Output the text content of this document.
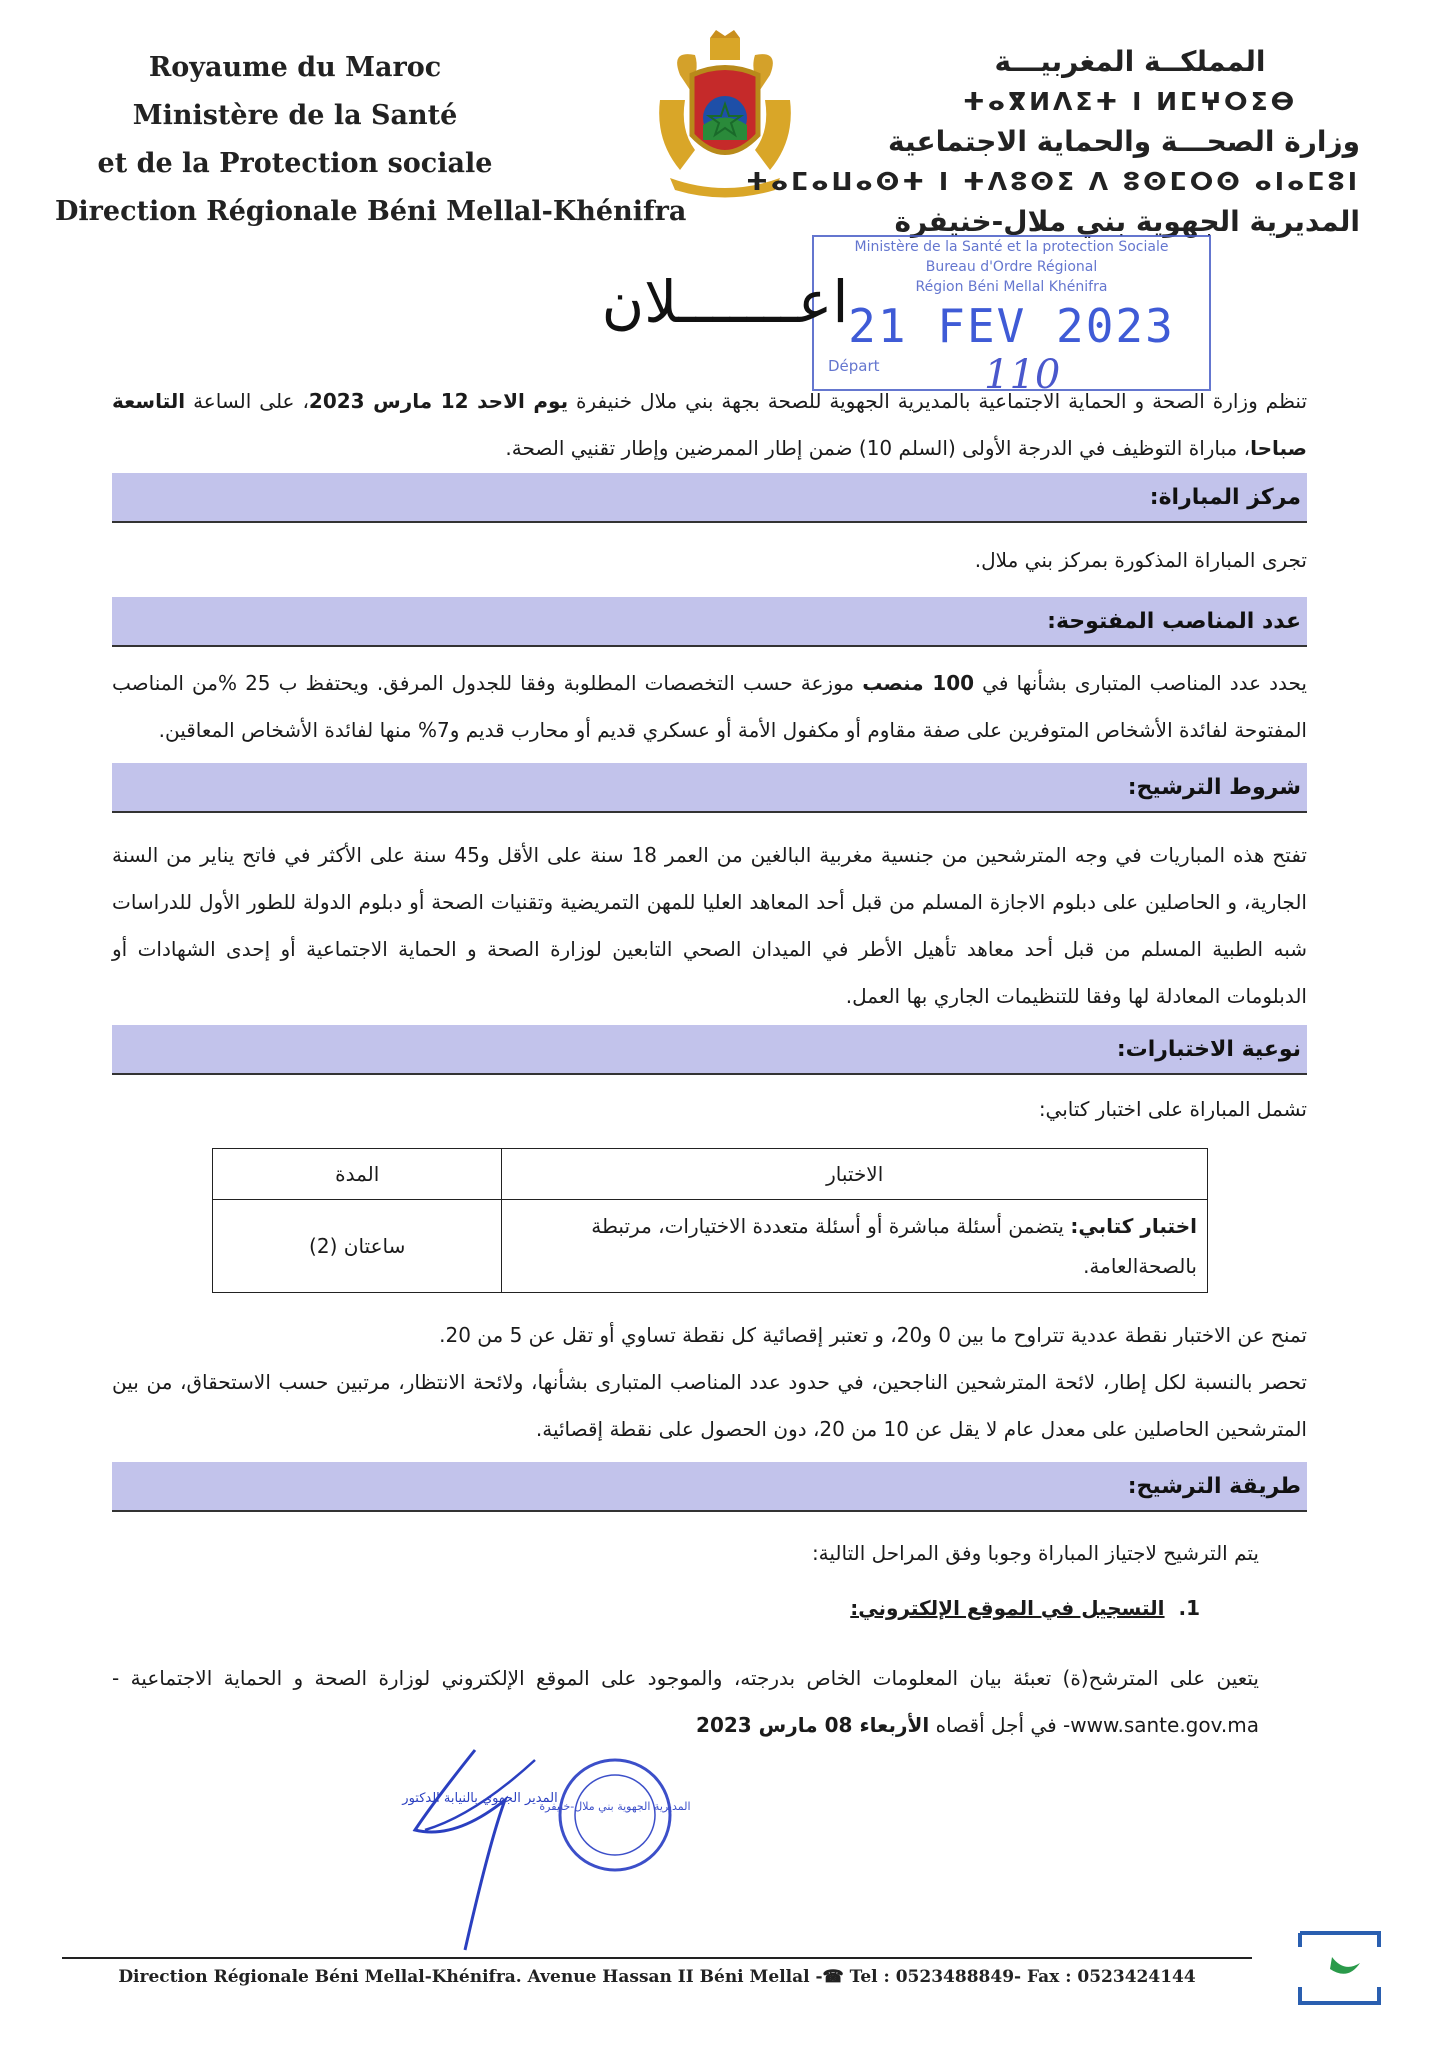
Royaume du Maroc
Ministère de la Santé
et de la Protection sociale
Direction Régionale Béni Mellal-Khénifra
المملكــة المغربيـــة
ⵜⴰⴳⵍⴷⵉⵜ ⵏ ⵍⵎⵖⵔⵉⴱ
وزارة الصحـــة والحماية الاجتماعية
ⵜⴰⵎⴰⵡⴰⵙⵜ ⵏ ⵜⴷⵓⵙⵉ ⴷ ⵓⵙⵎⵔⵙ ⴰⵏⴰⵎⵓⵏ
المديرية الجهوية بني ملال-خنيفرة
Ministère de la Santé et la protection Sociale
Bureau d'Ordre Régional
Région Béni Mellal Khénifra
21 FEV 2023
Départ	110
اعـــــــلان
تنظم وزارة الصحة و الحماية الاجتماعية بالمديرية الجهوية للصحة بجهة بني ملال خنيفرة يوم الاحد 12 مارس 2023، على الساعة التاسعة صباحا، مباراة التوظيف في الدرجة الأولى (السلم 10) ضمن إطار الممرضين وإطار تقنيي الصحة.
مركز المباراة:
تجرى المباراة المذكورة بمركز بني ملال.
عدد المناصب المفتوحة:
يحدد عدد المناصب المتبارى بشأنها في 100 منصب موزعة حسب التخصصات المطلوبة وفقا للجدول المرفق. ويحتفظ ب 25 %من المناصب المفتوحة لفائدة الأشخاص المتوفرين على صفة مقاوم أو مكفول الأمة أو عسكري قديم أو محارب قديم و7% منها لفائدة الأشخاص المعاقين.
شروط الترشيح:
تفتح هذه المباريات في وجه المترشحين من جنسية مغربية البالغين من العمر 18 سنة على الأقل و45 سنة على الأكثر في فاتح يناير من السنة الجارية، و الحاصلين على دبلوم الاجازة المسلم من قبل أحد المعاهد العليا للمهن التمريضية وتقنيات الصحة أو دبلوم الدولة للطور الأول للدراسات شبه الطبية المسلم من قبل أحد معاهد تأهيل الأطر في الميدان الصحي التابعين لوزارة الصحة و الحماية الاجتماعية أو إحدى الشهادات أو الدبلومات المعادلة لها وفقا للتنظيمات الجاري بها العمل.
نوعية الاختبارات:
تشمل المباراة على اختبار كتابي:
الاختبار	المدة
اختبار كتابي: يتضمن أسئلة مباشرة أو أسئلة متعددة الاختيارات، مرتبطة بالصحةالعامة.	ساعتان (2)
تمنح عن الاختبار نقطة عددية تتراوح ما بين 0 و20، و تعتبر إقصائية كل نقطة تساوي أو تقل عن 5 من 20.
تحصر بالنسبة لكل إطار، لائحة المترشحين الناجحين، في حدود عدد المناصب المتبارى بشأنها، ولائحة الانتظار، مرتبين حسب الاستحقاق، من بين المترشحين الحاصلين على معدل عام لا يقل عن 10 من 20، دون الحصول على نقطة إقصائية.
طريقة الترشيح:
يتم الترشيح لاجتياز المباراة وجوبا وفق المراحل التالية:
1.  التسجيل في الموقع الإلكتروني:
يتعين على المترشح(ة) تعبئة بيان المعلومات الخاص بدرجته، والموجود على الموقع الإلكتروني لوزارة الصحة و الحماية الاجتماعية -www.sante.gov.ma- في أجل أقصاه الأربعاء 08 مارس 2023
المديرية الجهوية بني ملال-خنيفرة
المدير الجهوي بالنيابة الدكتور
Direction Régionale Béni Mellal-Khénifra. Avenue Hassan II Béni Mellal -☎ Tel : 0523488849- Fax : 0523424144
